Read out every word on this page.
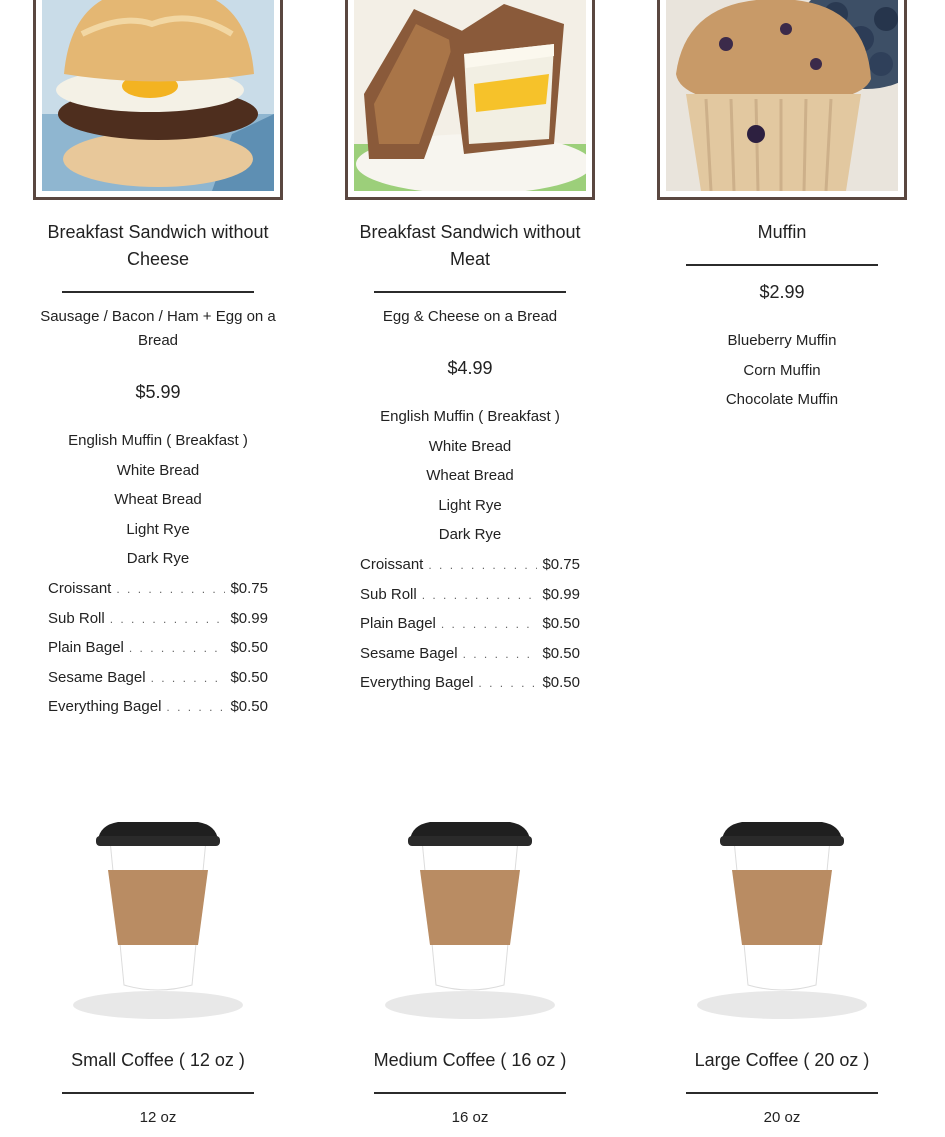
Breakfast Sandwich without Cheese
Sausage / Bacon / Ham + Egg on a Bread
$5.99
English Muffin ( Breakfast )
White Bread
Wheat Bread
Light Rye
Dark Rye
Croissant . . .	$0.75
Sub Roll . . .	$0.99
Plain Bagel . . .	$0.50
Sesame Bagel . . .	$0.50
Everything Bagel . . .	$0.50
Breakfast Sandwich without Meat
Egg & Cheese on a Bread
$4.99
English Muffin ( Breakfast )
White Bread
Wheat Bread
Light Rye
Dark Rye
Croissant . . .	$0.75
Sub Roll . . .	$0.99
Plain Bagel . . .	$0.50
Sesame Bagel . . .	$0.50
Everything Bagel . . .	$0.50
Muffin
$2.99
Blueberry Muffin
Corn Muffin
Chocolate Muffin
Small Coffee ( 12 oz )
12 oz
Medium Coffee ( 16 oz )
16 oz
Large Coffee ( 20 oz )
20 oz
